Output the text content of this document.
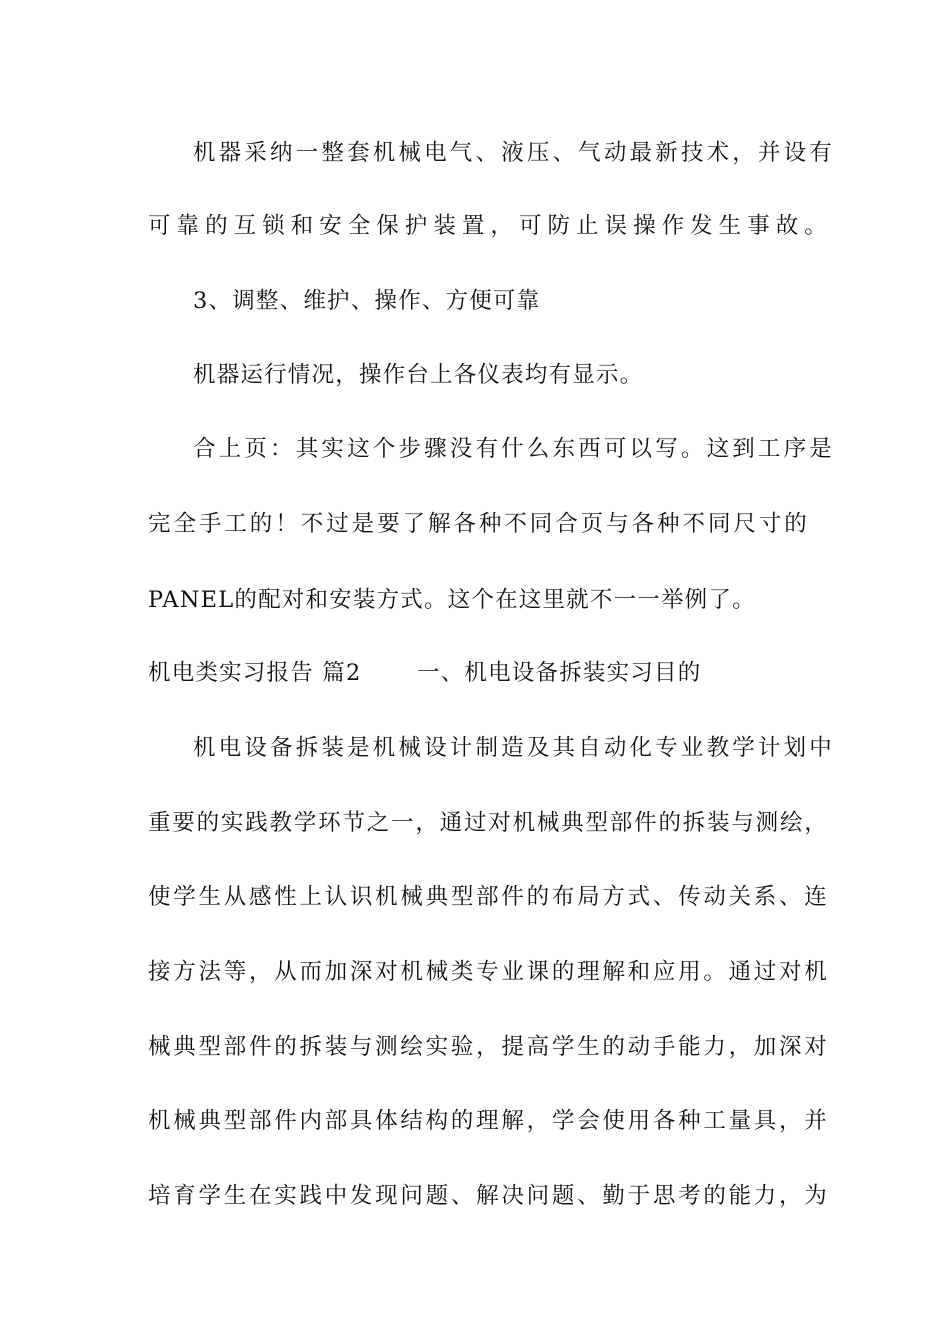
机器采纳一整套机械电气、液压、气动最新技术，并设有
可靠的互锁和安全保护装置，可防止误操作发生事故。
3、调整、维护、操作、方便可靠
机器运行情况，操作台上各仪表均有显示。
合上页：其实这个步骤没有什么东西可以写。这到工序是
完全手工的！不过是要了解各种不同合页与各种不同尺寸的
PANEL的配对和安装方式。这个在这里就不一一举例了。
机电类实习报告 篇2 一、机电设备拆装实习目的
机电设备拆装是机械设计制造及其自动化专业教学计划中
重要的实践教学环节之一，通过对机械典型部件的拆装与测绘，
使学生从感性上认识机械典型部件的布局方式、传动关系、连
接方法等，从而加深对机械类专业课的理解和应用。通过对机
械典型部件的拆装与测绘实验，提高学生的动手能力，加深对
机械典型部件内部具体结构的理解，学会使用各种工量具，并
培育学生在实践中发现问题、解决问题、勤于思考的能力，为
